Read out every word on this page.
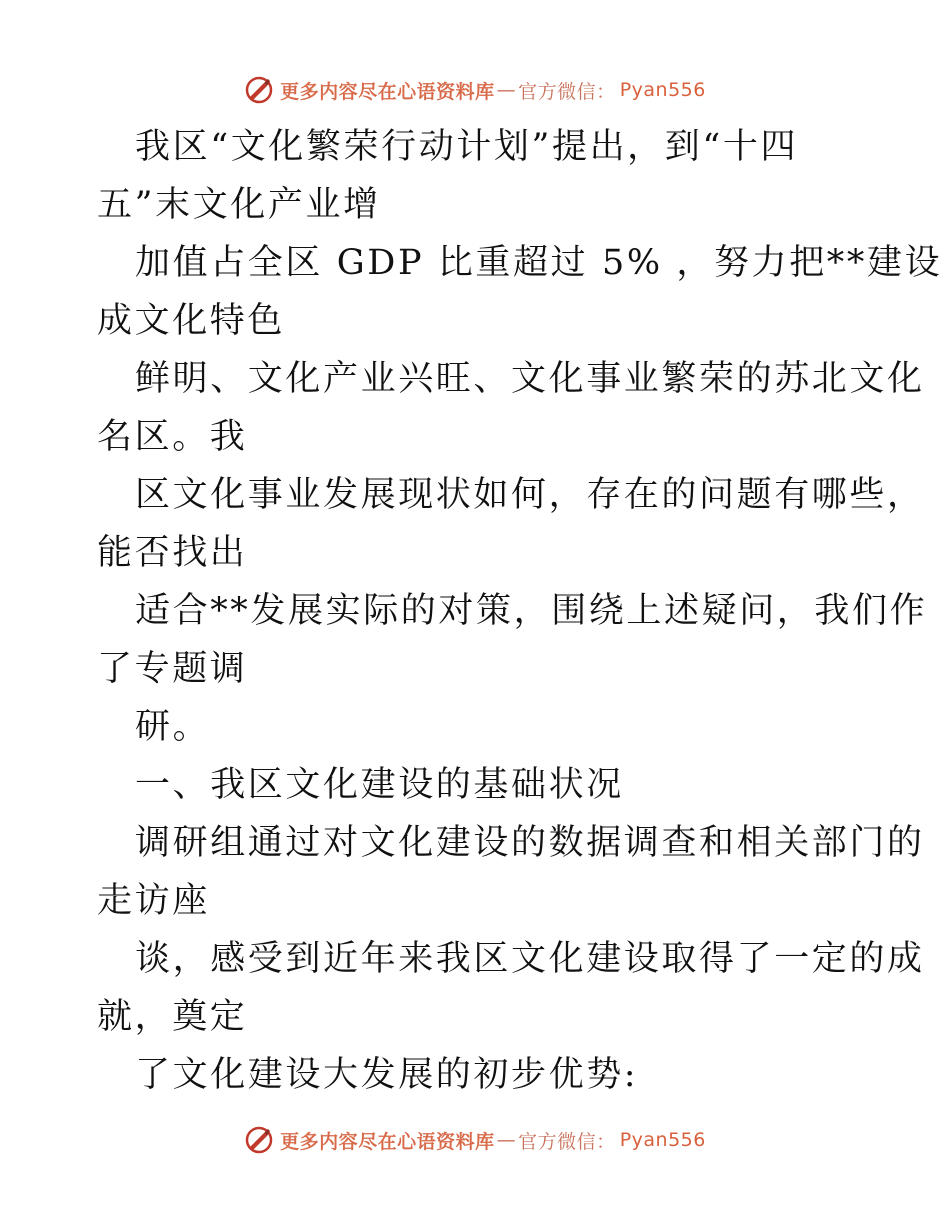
更多内容尽在心语资料库 — 官方微信： Pyan556
我区“文化繁荣行动计划”提出，到“十四
五”末文化产业增
加值占全区 GDP 比重超过 5% ，努力把**建设
成文化特色
鲜明、文化产业兴旺、文化事业繁荣的苏北文化
名区。我
区文化事业发展现状如何，存在的问题有哪些，
能否找出
适合**发展实际的对策，围绕上述疑问，我们作
了专题调
研。
一、我区文化建设的基础状况
调研组通过对文化建设的数据调查和相关部门的
走访座
谈，感受到近年来我区文化建设取得了一定的成
就，奠定
了文化建设大发展的初步优势:
更多内容尽在心语资料库 — 官方微信： Pyan556
